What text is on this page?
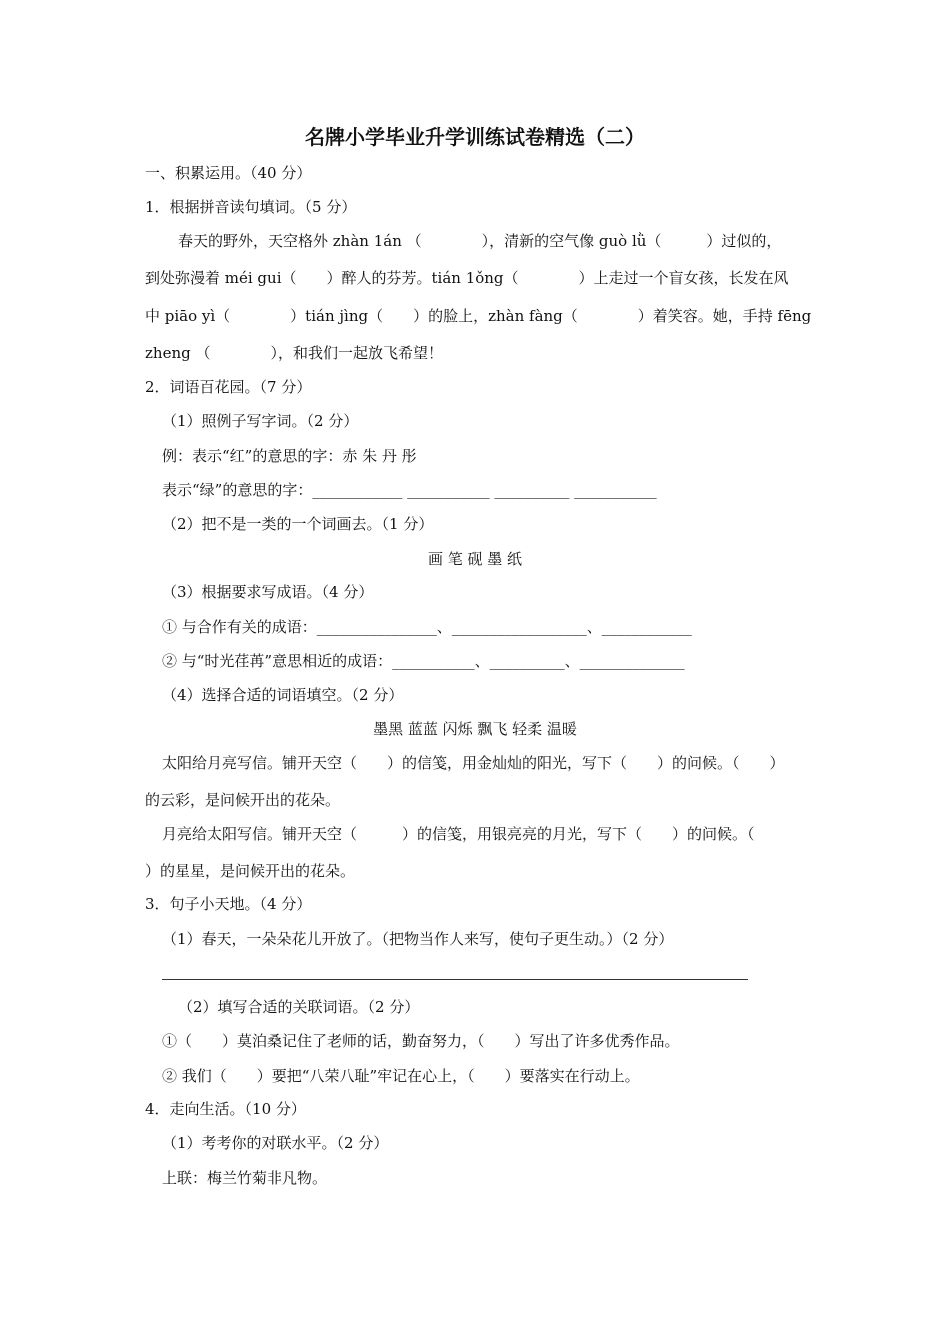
名牌小学毕业升学训练试卷精选（二）
一、积累运用。（40 分）
1．根据拼音读句填词。（5 分）
春天的野外，天空格外 zhàn 1án （　　　　），清新的空气像 guò lǜ（　　　）过似的，
到处弥漫着 méi gui（　　）醉人的芬芳。tián 1ǒng（　　　　）上走过一个盲女孩，长发在风
中 piāo yì（　　　　）tián jìng（　　）的脸上，zhàn fàng（　　　　）着笑容。她，手持 fēng
zheng （　　　　），和我们一起放飞希望！
2．词语百花园。（7 分）
（1）照例子写字词。（2 分）
例：表示“红”的意思的字：赤 朱 丹 彤
表示“绿”的意思的字：____________ ___________ __________ ___________
（2）把不是一类的一个词画去。（1 分）
画 笔 砚 墨 纸
（3）根据要求写成语。（4 分）
① 与合作有关的成语：________________、__________________、____________
② 与“时光荏苒”意思相近的成语：___________、__________、______________
（4）选择合适的词语填空。（2 分）
墨黑 蓝蓝 闪烁 飘飞 轻柔 温暖
太阳给月亮写信。铺开天空（　　）的信笺，用金灿灿的阳光，写下（　　）的问候。（　　）
的云彩，是问候开出的花朵。
月亮给太阳写信。铺开天空（　　　）的信笺，用银亮亮的月光，写下（　　）的问候。（
）的星星，是问候开出的花朵。
3．句子小天地。（4 分）
（1）春天，一朵朵花儿开放了。（把物当作人来写，使句子更生动。）（2 分）
（2）填写合适的关联词语。（2 分）
①（　　）莫泊桑记住了老师的话，勤奋努力，（　　）写出了许多优秀作品。
② 我们（　　）要把“八荣八耻”牢记在心上，（　　）要落实在行动上。
4．走向生活。（10 分）
（1）考考你的对联水平。（2 分）
上联：梅兰竹菊非凡物。
